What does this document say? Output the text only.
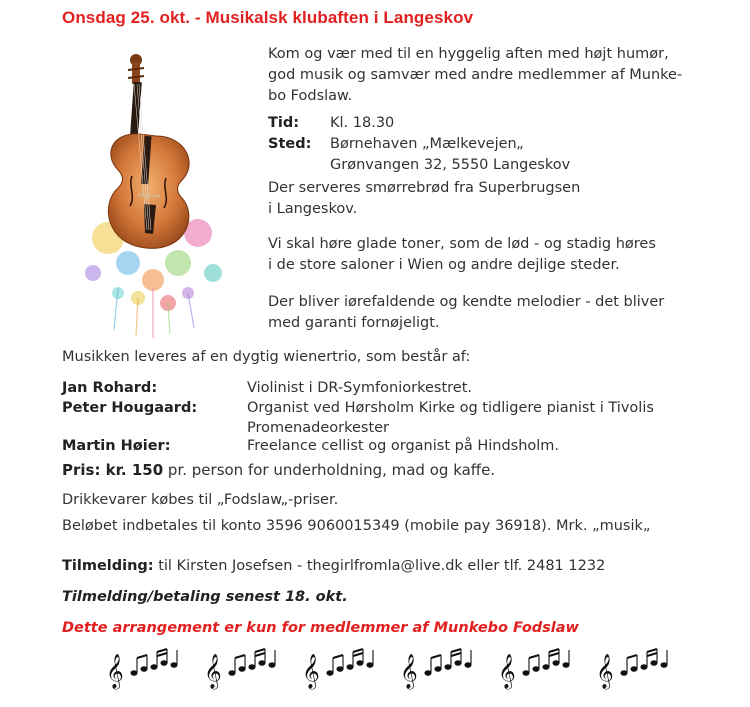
Onsdag 25. okt. - Musikalsk klubaften i Langeskov

Kom og vær med til en hyggelig aften med højt humør,

god musik og samvær med andre medlemmer af Munke-

bo Fodslaw.

Tid: Kl. 18.30
Sted: Børnehaven „Mælkevejen„
Grønvangen 32, 5550 Langeskov
Der serveres smørrebrød fra Superbrugsen
i Langeskov.
Vi skal høre glade toner, som de lød - og stadig høres
i de store saloner i Wien og andre dejlige steder.
Der bliver iørefaldende og kendte melodier - det bliver
med garanti fornøjeligt.
Musikken leveres af en dygtig wienertrio, som består af:
Jan Rohard:	Violinist i DR-Symfoniorkestret.
Peter Hougaard:	Organist ved Hørsholm Kirke og tidligere pianist i Tivolis
Promenadeorkester
Martin Høier:	Freelance cellist og organist på Hindsholm.
Pris: kr. 150 pr. person for underholdning, mad og kaffe.
Drikkevarer købes til „Fodslaw„-priser.
Beløbet indbetales til konto 3596 9060015349 (mobile pay 36918). Mrk. „musik„
Tilmelding: til Kirsten Josefsen - thegirlfromla@live.dk eller tlf. 2481 1232
Tilmelding/betaling senest 18. okt.
Dette arrangement er kun for medlemmer af Munkebo Fodslaw
𝄞
